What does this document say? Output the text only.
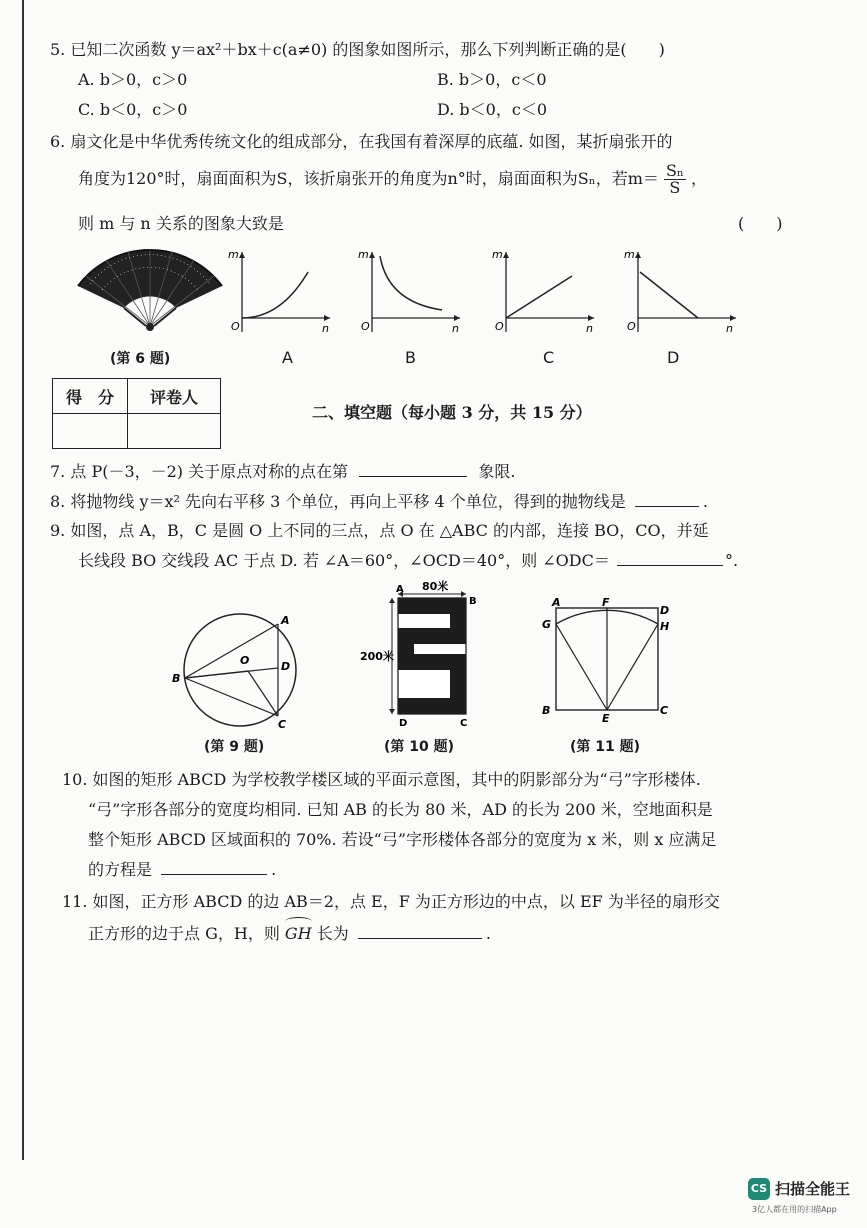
5. 已知二次函数 y＝ax²＋bx＋c(a≠0) 的图象如图所示，那么下列判断正确的是(　　)
A. b＞0，c＞0	B. b＞0，c＜0
C. b＜0，c＞0	D. b＜0，c＜0
6. 扇文化是中华优秀传统文化的组成部分，在我国有着深厚的底蕴. 如图，某折扇张开的
角度为120°时，扇面面积为S，该折扇张开的角度为n°时，扇面面积为Sₙ，若$m= \frac{\text{Sₙ}}{S}$ ，
则 m 与 n 关系的图象大致是	(　　)
(第 6 题)
m
n
O
A
m
n
O
B
m
n
O
C
m
n
O
D
得　分	评卷人

二、填空题（每小题 3 分，共 15 分）
7. 点 P(－3，－2) 关于原点对称的点在第	象限.
8. 将抛物线 y＝x² 先向右平移 3 个单位，再向上平移 4 个单位，得到的抛物线是	.
9. 如图，点 A，B，C 是圆 O 上不同的三点，点 O 在 △ABC 的内部，连接 BO，CO，并延
长线段 BO 交线段 AC 于点 D. 若 ∠A＝60°，∠OCD＝40°，则 ∠ODC＝	°.
A
B
C
D
O
(第 9 题)
80米
200米
A
B
D	C
(第 10 题)
A	F
D
G	H
B
E
C
(第 11 题)
10. 如图的矩形 ABCD 为学校教学楼区域的平面示意图，其中的阴影部分为“弓”字形楼体.
“弓”字形各部分的宽度均相同. 已知 AB 的长为 80 米，AD 的长为 200 米，空地面积是
整个矩形 ABCD 区域面积的 70%. 若设“弓”字形楼体各部分的宽度为 x 米，则 x 应满足
的方程是	.
11. 如图，正方形 ABCD 的边 AB＝2，点 E，F 为正方形边的中点，以 EF 为半径的扇形交
正方形的边于点 G，H，则 GH 长为	.
CS 扫描全能王
3亿人都在用的扫描App
